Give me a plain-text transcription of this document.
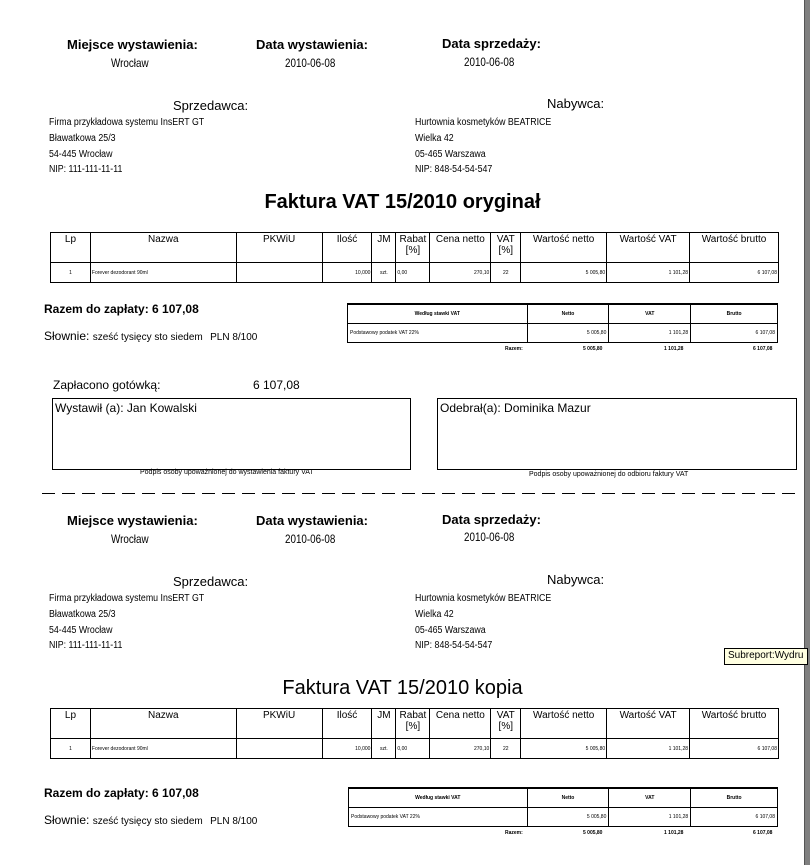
Miejsce wystawienia:
Wrocław
Data wystawienia:
2010-06-08
Data sprzedaży:
2010-06-08
Sprzedawca:
Firma przykładowa systemu InsERT GT
Bławatkowa 25/3
54-445 Wrocław
NIP: 111-111-11-11
Nabywca:
Hurtownia kosmetyków BEATRICE
Wielka 42
05-465 Warszawa
NIP: 848-54-54-547
Faktura VAT 15/2010 oryginał
Lp	Nazwa	PKWiU	Ilość	JM	Rabat [%]	Cena netto	VAT [%]	Wartość netto	Wartość VAT	Wartość brutto
1	Forever dezodorant 90ml		10,000	szt.	0,00	270,10	22	5 005,80	1 101,28	6 107,08
Razem do zapłaty: 6 107,08
Słownie: sześć tysięcy sto siedem PLN 8/100
Według stawki VAT	Netto	VAT	Brutto
Podstawowy podatek VAT 22%	5 005,80	1 101,28	6 107,08
Razem:	5 005,80	1 101,28	6 107,08
Zapłacono gotówką:	6 107,08
Wystawił (a): Jan Kowalski	Odebrał(a): Dominika Mazur
Podpis osoby upoważnionej do wystawienia faktury VAT	Podpis osoby upoważnionej do odbioru faktury VAT
Miejsce wystawienia:
Wrocław
Data wystawienia:
2010-06-08
Data sprzedaży:
2010-06-08
Sprzedawca:
Firma przykładowa systemu InsERT GT
Bławatkowa 25/3
54-445 Wrocław
NIP: 111-111-11-11
Nabywca:
Hurtownia kosmetyków BEATRICE
Wielka 42
05-465 Warszawa
NIP: 848-54-54-547
Faktura VAT 15/2010 kopia
Lp	Nazwa	PKWiU	Ilość	JM	Rabat [%]	Cena netto	VAT [%]	Wartość netto	Wartość VAT	Wartość brutto
1	Forever dezodorant 90ml		10,000	szt.	0,00	270,10	22	5 005,80	1 101,28	6 107,08
Razem do zapłaty: 6 107,08
Słownie: sześć tysięcy sto siedem PLN 8/100
Według stawki VAT	Netto	VAT	Brutto
Podstawowy podatek VAT 22%	5 005,80	1 101,28	6 107,08
Razem:	5 005,80	1 101,28	6 107,08
Subreport:Wydru
